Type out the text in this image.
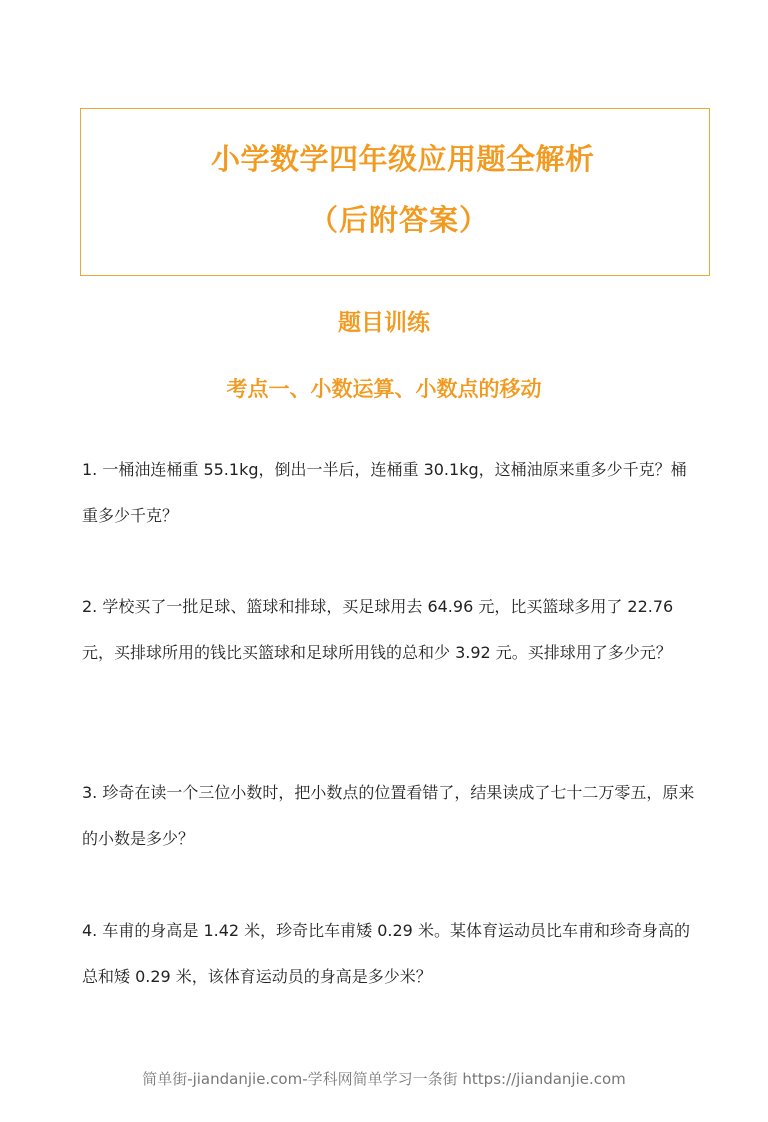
小学数学四年级应用题全解析
（后附答案）
题目训练
考点一、小数运算、小数点的移动
1. 一桶油连桶重 55.1kg，倒出一半后，连桶重 30.1kg，这桶油原来重多少千克？桶重多少千克？
2. 学校买了一批足球、篮球和排球，买足球用去 64.96 元，比买篮球多用了 22.76 元，买排球所用的钱比买篮球和足球所用钱的总和少 3.92 元。买排球用了多少元？
3. 珍奇在读一个三位小数时，把小数点的位置看错了，结果读成了七十二万零五，原来的小数是多少？
4. 车甫的身高是 1.42 米，珍奇比车甫矮 0.29 米。某体育运动员比车甫和珍奇身高的总和矮 0.29 米，该体育运动员的身高是多少米？
简单街-jiandanjie.com-学科网简单学习一条街 https://jiandanjie.com
